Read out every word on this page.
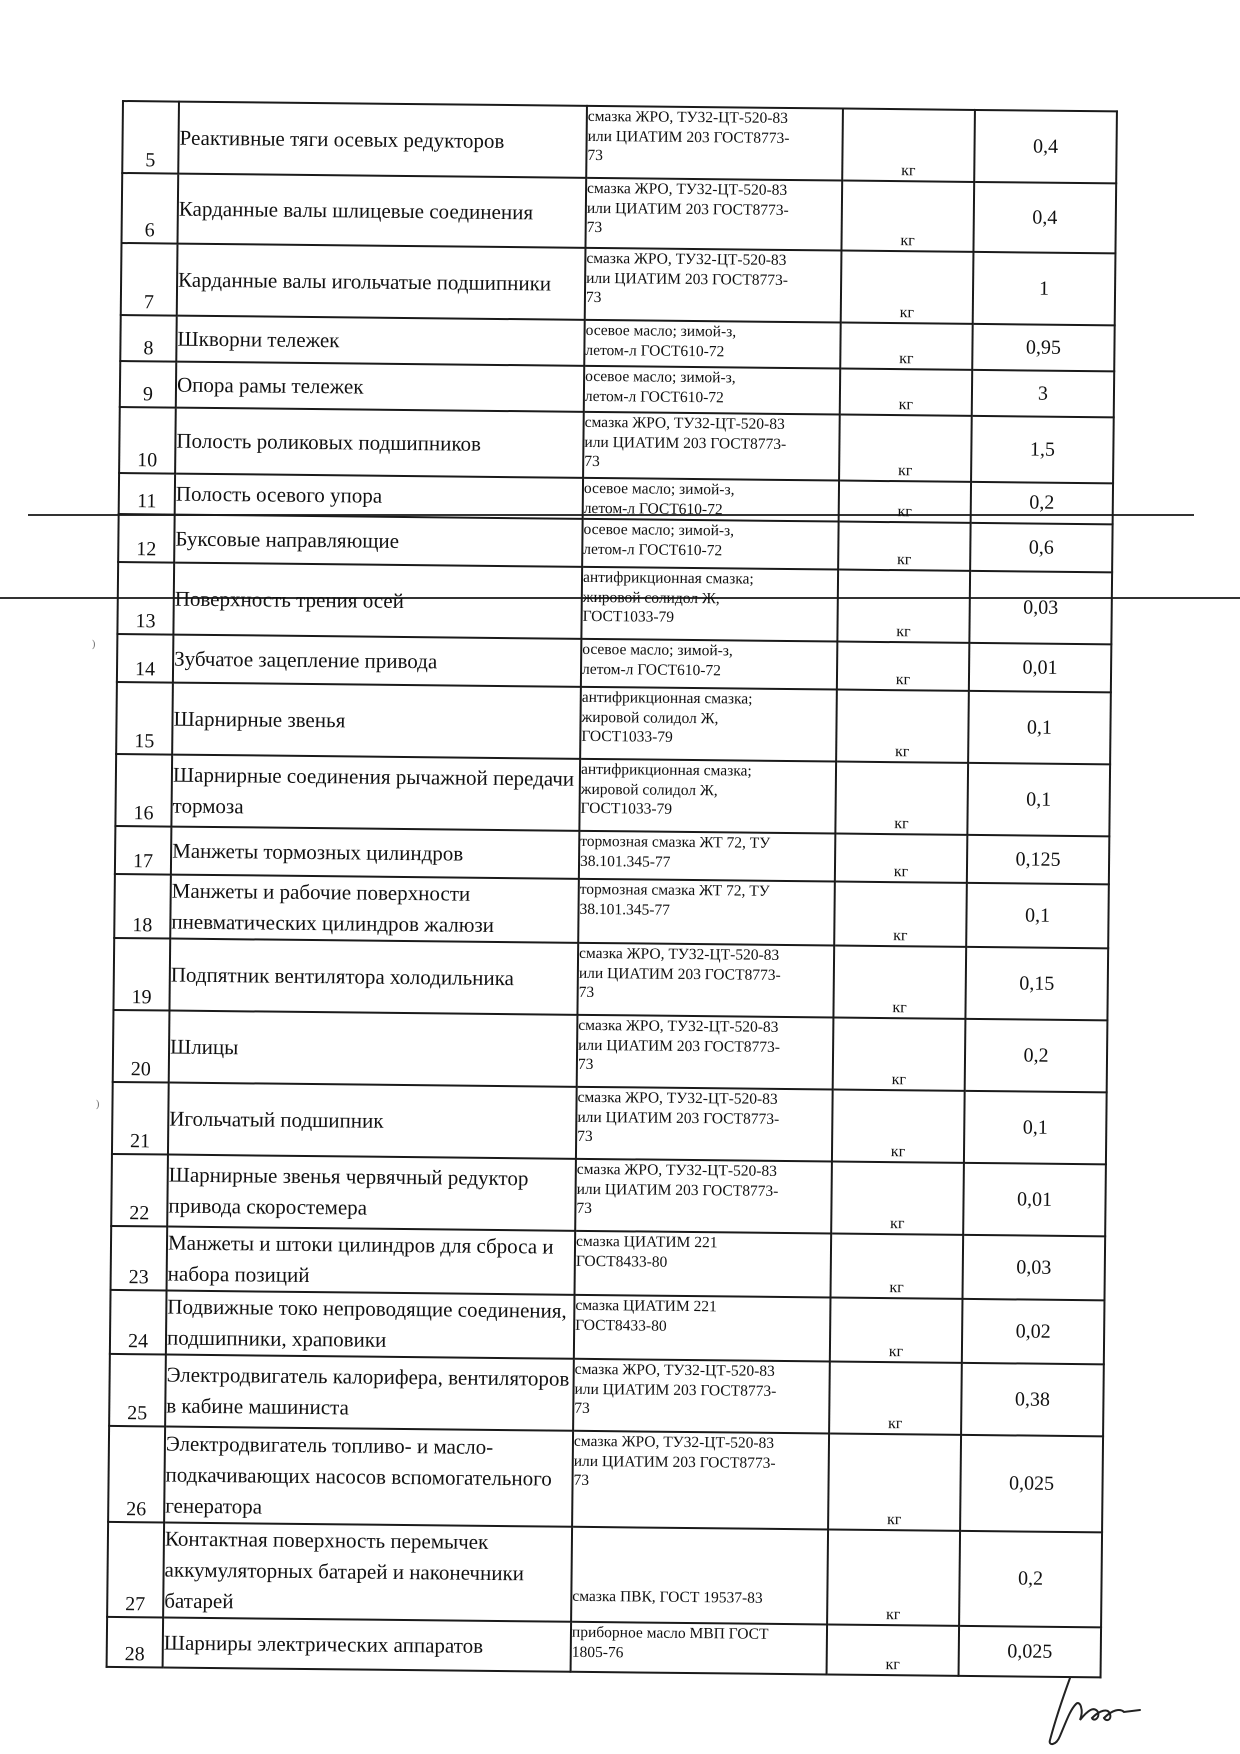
5	Реактивные тяги осевых редукторов	смазка ЖРО, ТУ32-ЦТ-520-83
или ЦИАТИМ 203 ГОСТ8773-
73	кг	0,4
6	Карданные валы шлицевые соединения	смазка ЖРО, ТУ32-ЦТ-520-83
или ЦИАТИМ 203 ГОСТ8773-
73	кг	0,4
7	Карданные валы игольчатые подшипники	смазка ЖРО, ТУ32-ЦТ-520-83
или ЦИАТИМ 203 ГОСТ8773-
73	кг	1
8	Шкворни тележек	осевое масло; зимой-з,
летом-л ГОСТ610-72	кг	0,95
9	Опора рамы тележек	осевое масло; зимой-з,
летом-л ГОСТ610-72	кг	3
10	Полость роликовых подшипников	смазка ЖРО, ТУ32-ЦТ-520-83
или ЦИАТИМ 203 ГОСТ8773-
73	кг	1,5
11	Полость осевого упора	осевое масло; зимой-з,
летом-л ГОСТ610-72	кг	0,2
12	Буксовые направляющие	осевое масло; зимой-з,
летом-л ГОСТ610-72	кг	0,6
13	Поверхность трения осей	антифрикционная смазка;
жировой солидол Ж,
ГОСТ1033-79	кг	0,03
14	Зубчатое зацепление привода	осевое масло; зимой-з,
летом-л ГОСТ610-72	кг	0,01
15	Шарнирные звенья	антифрикционная смазка;
жировой солидол Ж,
ГОСТ1033-79	кг	0,1
16	Шарнирные соединения рычажной передачи тормоза	антифрикционная смазка;
жировой солидол Ж,
ГОСТ1033-79	кг	0,1
17	Манжеты тормозных цилиндров	тормозная смазка ЖТ 72, ТУ
38.101.345-77	кг	0,125
18	Манжеты и рабочие поверхности пневматических цилиндров жалюзи	тормозная смазка ЖТ 72, ТУ
38.101.345-77	кг	0,1
19	Подпятник вентилятора холодильника	смазка ЖРО, ТУ32-ЦТ-520-83
или ЦИАТИМ 203 ГОСТ8773-
73	кг	0,15
20	Шлицы	смазка ЖРО, ТУ32-ЦТ-520-83
или ЦИАТИМ 203 ГОСТ8773-
73	кг	0,2
21	Игольчатый подшипник	смазка ЖРО, ТУ32-ЦТ-520-83
или ЦИАТИМ 203 ГОСТ8773-
73	кг	0,1
22	Шарнирные звенья червячный редуктор привода скоростемера	смазка ЖРО, ТУ32-ЦТ-520-83
или ЦИАТИМ 203 ГОСТ8773-
73	кг	0,01
23	Манжеты и штоки цилиндров для сброса и набора позиций	смазка ЦИАТИМ 221
ГОСТ8433-80	кг	0,03
24	Подвижные токо непроводящие соединения, подшипники, храповики	смазка ЦИАТИМ 221
ГОСТ8433-80	кг	0,02
25	Электродвигатель калорифера, вентиляторов в кабине машиниста	смазка ЖРО, ТУ32-ЦТ-520-83
или ЦИАТИМ 203 ГОСТ8773-
73	кг	0,38
26	Электродвигатель топливо- и масло- подкачивающих насосов вспомогательного генератора	смазка ЖРО, ТУ32-ЦТ-520-83
или ЦИАТИМ 203 ГОСТ8773-
73	кг	0,025
27	Контактная поверхность перемычек аккумуляторных батарей и наконечники батарей	

смазка ПВК, ГОСТ 19537-83	кг	0,2
28	Шарниры электрических аппаратов	приборное масло МВП ГОСТ
1805-76	кг	0,025
)
)
